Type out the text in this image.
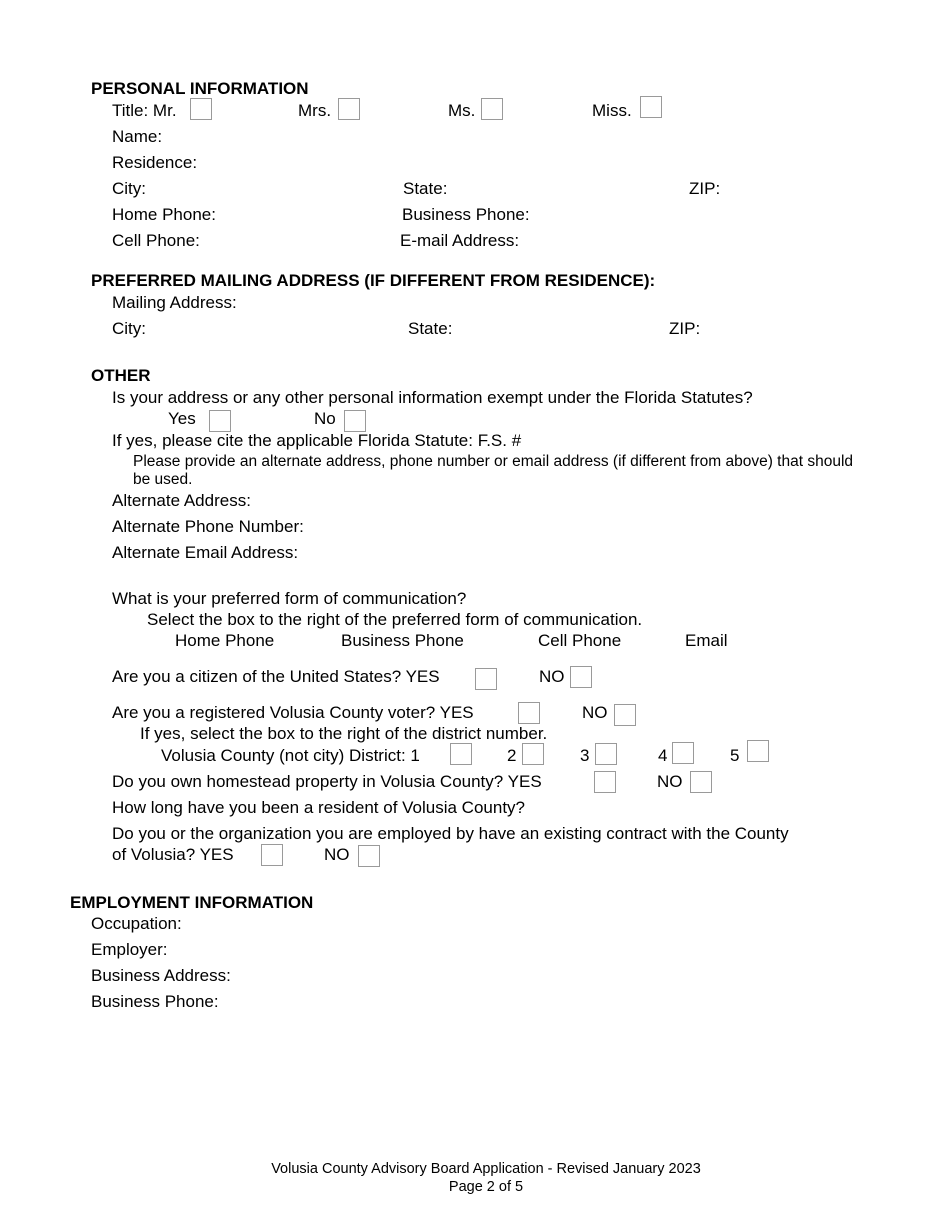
PERSONAL INFORMATION
Title: Mr.	Mrs.	Ms.	Miss.
Name:
Residence:
City:	State:	ZIP:
Home Phone:	Business Phone:
Cell Phone:	E-mail Address:
PREFERRED MAILING ADDRESS (IF DIFFERENT FROM RESIDENCE):
Mailing Address:
City:	State:	ZIP:
OTHER
Is your address or any other personal information exempt under the Florida Statutes?
Yes	No
If yes, please cite the applicable Florida Statute: F.S. #
Please provide an alternate address, phone number or email address (if different from above) that should be used.
Alternate Address:
Alternate Phone Number:
Alternate Email Address:
What is your preferred form of communication?
Select the box to the right of the preferred form of communication.
Home Phone	Business Phone	Cell Phone	Email
Are you a citizen of the United States? YES	NO
Are you a registered Volusia County voter? YES	NO
If yes, select the box to the right of the district number.
Volusia County (not city) District: 1	2	3	4	5
Do you own homestead property in Volusia County? YES	NO
How long have you been a resident of Volusia County?
Do you or the organization you are employed by have an existing contract with the County
of Volusia? YES	NO
EMPLOYMENT INFORMATION
Occupation:
Employer:
Business Address:
Business Phone:
Volusia County Advisory Board Application - Revised January 2023
Page 2 of 5
